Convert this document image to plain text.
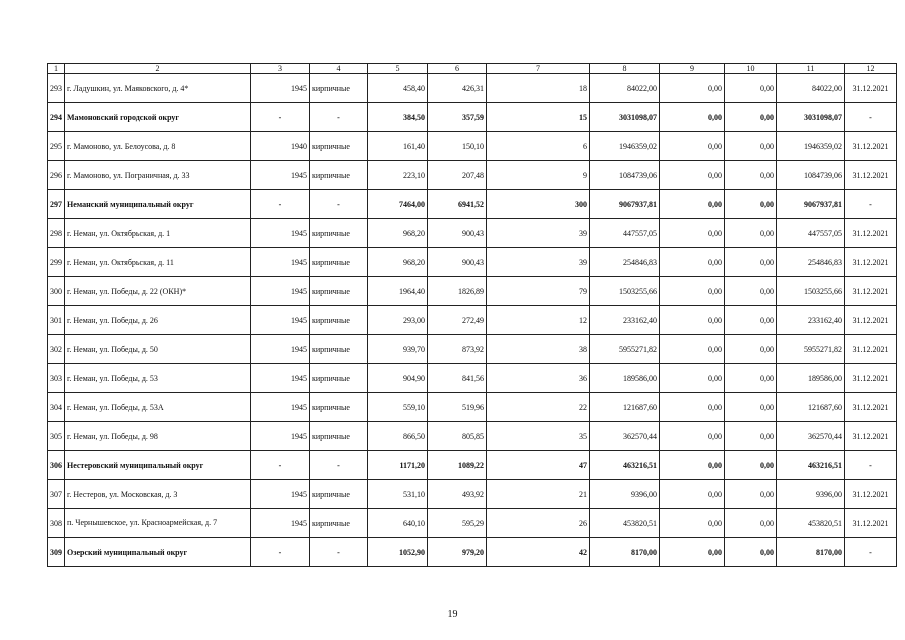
1	2	3	4	5	6	7	8	9	10	11	12
293	г. Ладушкин, ул. Маяковского, д. 4*	1945	кирпичные	458,40	426,31	18	84022,00	0,00	0,00	84022,00	31.12.2021
294	Мамоновский городской округ	-	-	384,50	357,59	15	3031098,07	0,00	0,00	3031098,07	-
295	г. Мамоново, ул. Белоусова, д. 8	1940	кирпичные	161,40	150,10	6	1946359,02	0,00	0,00	1946359,02	31.12.2021
296	г. Мамоново, ул. Пограничная, д. 33	1945	кирпичные	223,10	207,48	9	1084739,06	0,00	0,00	1084739,06	31.12.2021
297	Неманский муниципальный округ	-	-	7464,00	6941,52	300	9067937,81	0,00	0,00	9067937,81	-
298	г. Неман, ул. Октябрьская, д. 1	1945	кирпичные	968,20	900,43	39	447557,05	0,00	0,00	447557,05	31.12.2021
299	г. Неман, ул. Октябрьская, д. 11	1945	кирпичные	968,20	900,43	39	254846,83	0,00	0,00	254846,83	31.12.2021
300	г. Неман, ул. Победы, д. 22 (ОКН)*	1945	кирпичные	1964,40	1826,89	79	1503255,66	0,00	0,00	1503255,66	31.12.2021
301	г. Неман, ул. Победы, д. 26	1945	кирпичные	293,00	272,49	12	233162,40	0,00	0,00	233162,40	31.12.2021
302	г. Неман, ул. Победы, д. 50	1945	кирпичные	939,70	873,92	38	5955271,82	0,00	0,00	5955271,82	31.12.2021
303	г. Неман, ул. Победы, д. 53	1945	кирпичные	904,90	841,56	36	189586,00	0,00	0,00	189586,00	31.12.2021
304	г. Неман, ул. Победы, д. 53А	1945	кирпичные	559,10	519,96	22	121687,60	0,00	0,00	121687,60	31.12.2021
305	г. Неман, ул. Победы, д. 98	1945	кирпичные	866,50	805,85	35	362570,44	0,00	0,00	362570,44	31.12.2021
306	Нестеровский муниципальный округ	-	-	1171,20	1089,22	47	463216,51	0,00	0,00	463216,51	-
307	г. Нестеров, ул. Московская, д. 3	1945	кирпичные	531,10	493,92	21	9396,00	0,00	0,00	9396,00	31.12.2021
308	п. Чернышевское, ул. Красноармейская, д. 7	1945	кирпичные	640,10	595,29	26	453820,51	0,00	0,00	453820,51	31.12.2021
309	Озерский муниципальный округ	-	-	1052,90	979,20	42	8170,00	0,00	0,00	8170,00	-
19
